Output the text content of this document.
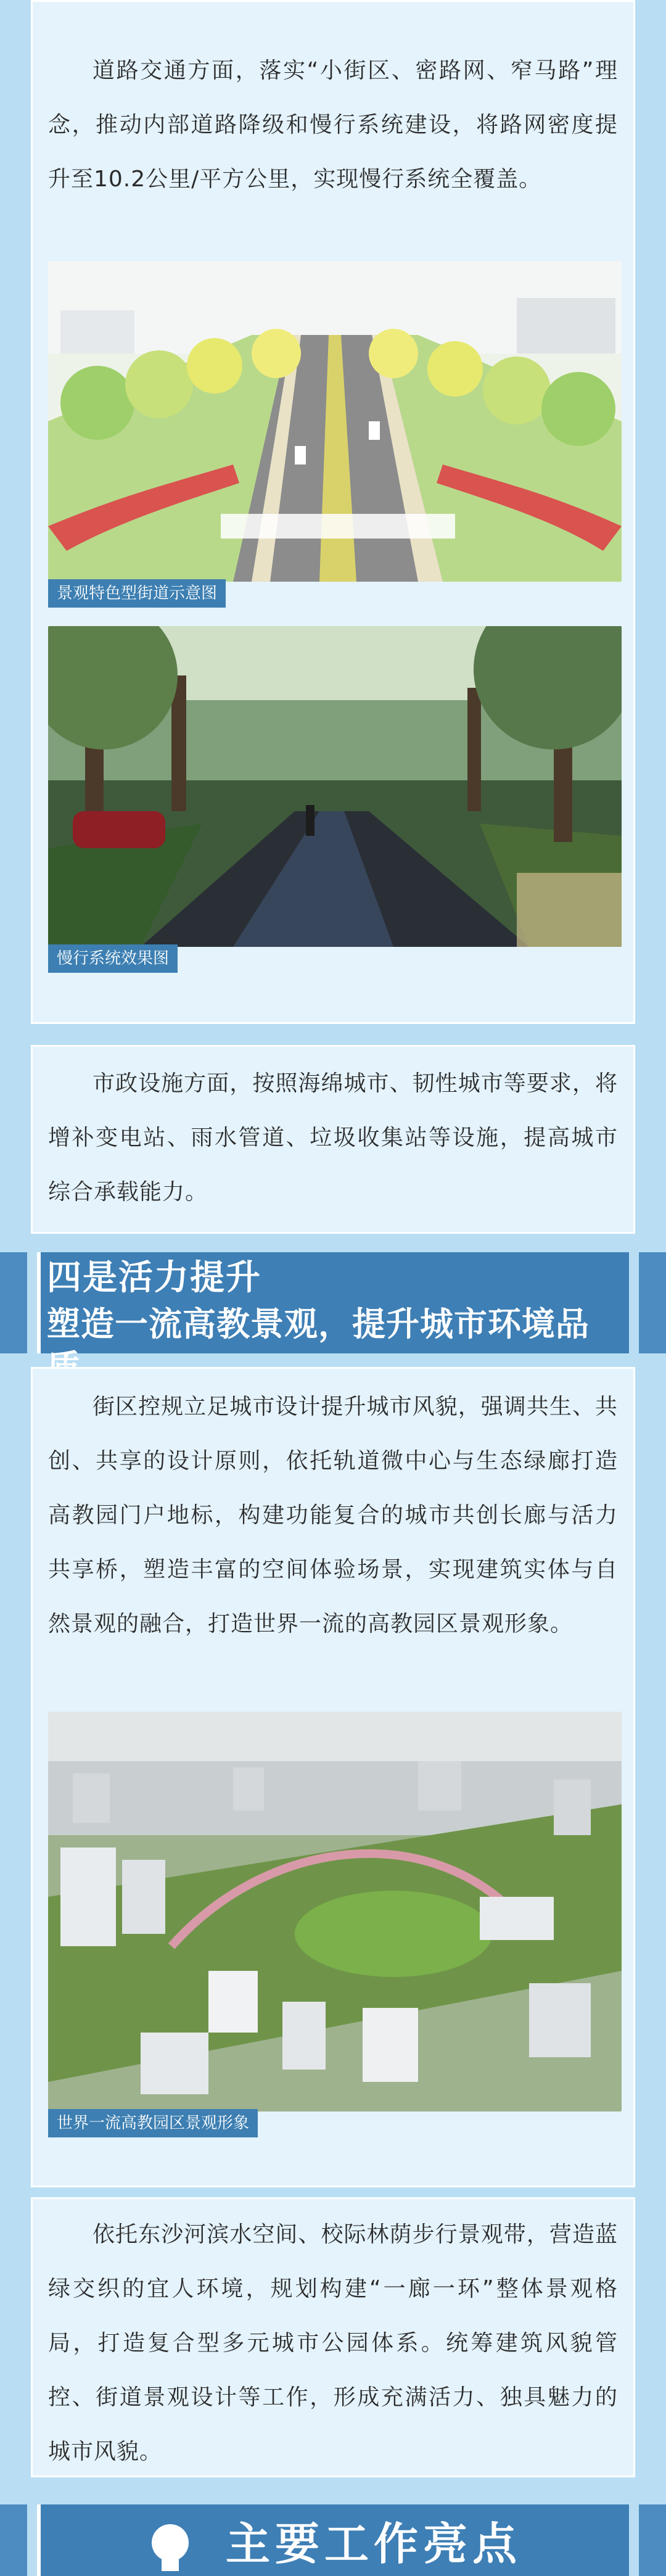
道路交通方面，落实“小街区、密路网、窄马路”理念，推动内部道路降级和慢行系统建设，将路网密度提升至10.2公里/平方公里，实现慢行系统全覆盖。

景观特色型街道示意图
慢行系统效果图

市政设施方面，按照海绵城市、韧性城市等要求，将增补变电站、雨水管道、垃圾收集站等设施，提高城市综合承载能力。

四是活力提升
塑造一流高教景观，提升城市环境品

街区控规立足城市设计提升城市风貌，强调共生、共创、共享的设计原则，依托轨道微中心与生态绿廊打造高教园门户地标，构建功能复合的城市共创长廊与活力共享桥，塑造丰富的空间体验场景，实现建筑实体与自然景观的融合，打造世界一流的高教园区景观形象。

世界一流高教园区景观形象

依托东沙河滨水空间、校际林荫步行景观带，营造蓝绿交织的宜人环境，规划构建“一廊一环”整体景观格局，打造复合型多元城市公园体系。统筹建筑风貌管控、街道景观设计等工作，形成充满活力、独具魅力的城市风貌。

主要工作亮点
